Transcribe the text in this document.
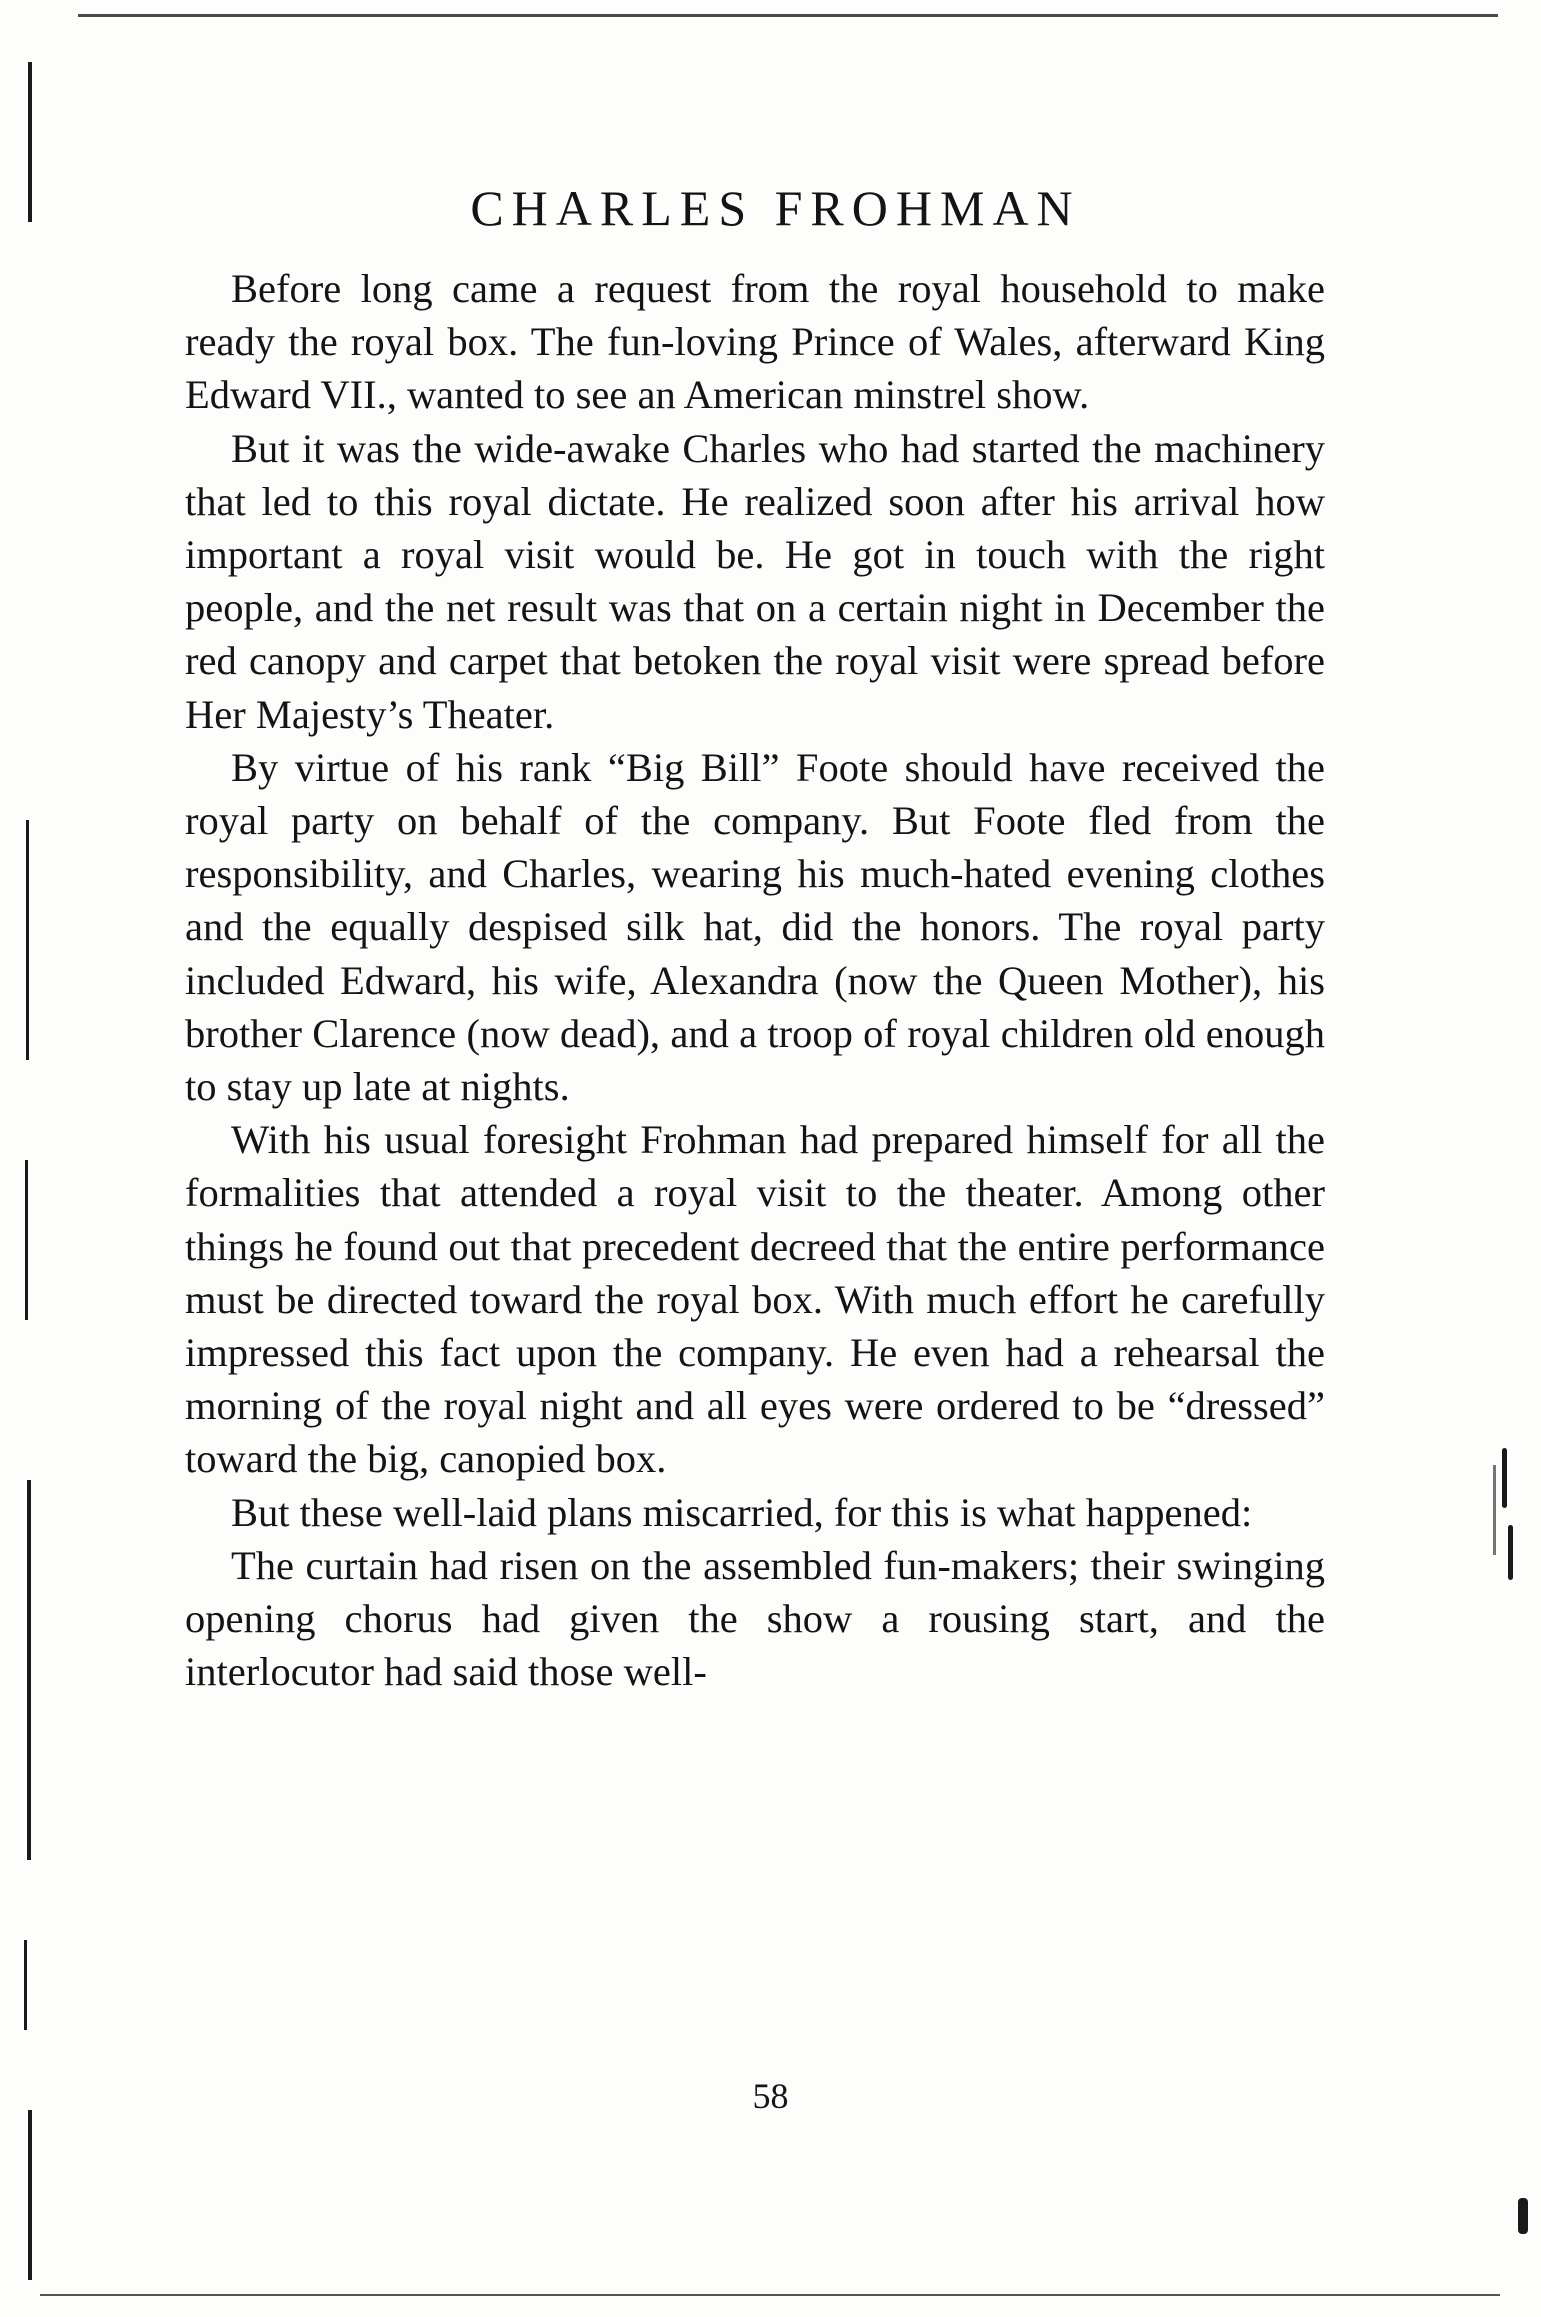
CHARLES FROHMAN

Before long came a request from the royal household to make ready the royal box. The fun-loving Prince of Wales, afterward King Edward VII., wanted to see an American minstrel show.

But it was the wide-awake Charles who had started the machinery that led to this royal dictate. He realized soon after his arrival how important a royal visit would be. He got in touch with the right people, and the net result was that on a certain night in December the red canopy and carpet that betoken the royal visit were spread before Her Majesty’s Theater.

By virtue of his rank “Big Bill” Foote should have received the royal party on behalf of the company. But Foote fled from the responsibility, and Charles, wearing his much-hated evening clothes and the equally despised silk hat, did the honors. The royal party included Edward, his wife, Alexandra (now the Queen Mother), his brother Clarence (now dead), and a troop of royal children old enough to stay up late at nights.

With his usual foresight Frohman had prepared himself for all the formalities that attended a royal visit to the theater. Among other things he found out that precedent decreed that the entire performance must be directed toward the royal box. With much effort he carefully impressed this fact upon the company. He even had a rehearsal the morning of the royal night and all eyes were ordered to be “dressed” toward the big, canopied box.

But these well-laid plans miscarried, for this is what happened:

The curtain had risen on the assembled fun-makers; their swinging opening chorus had given the show a rousing start, and the interlocutor had said those well-

58
